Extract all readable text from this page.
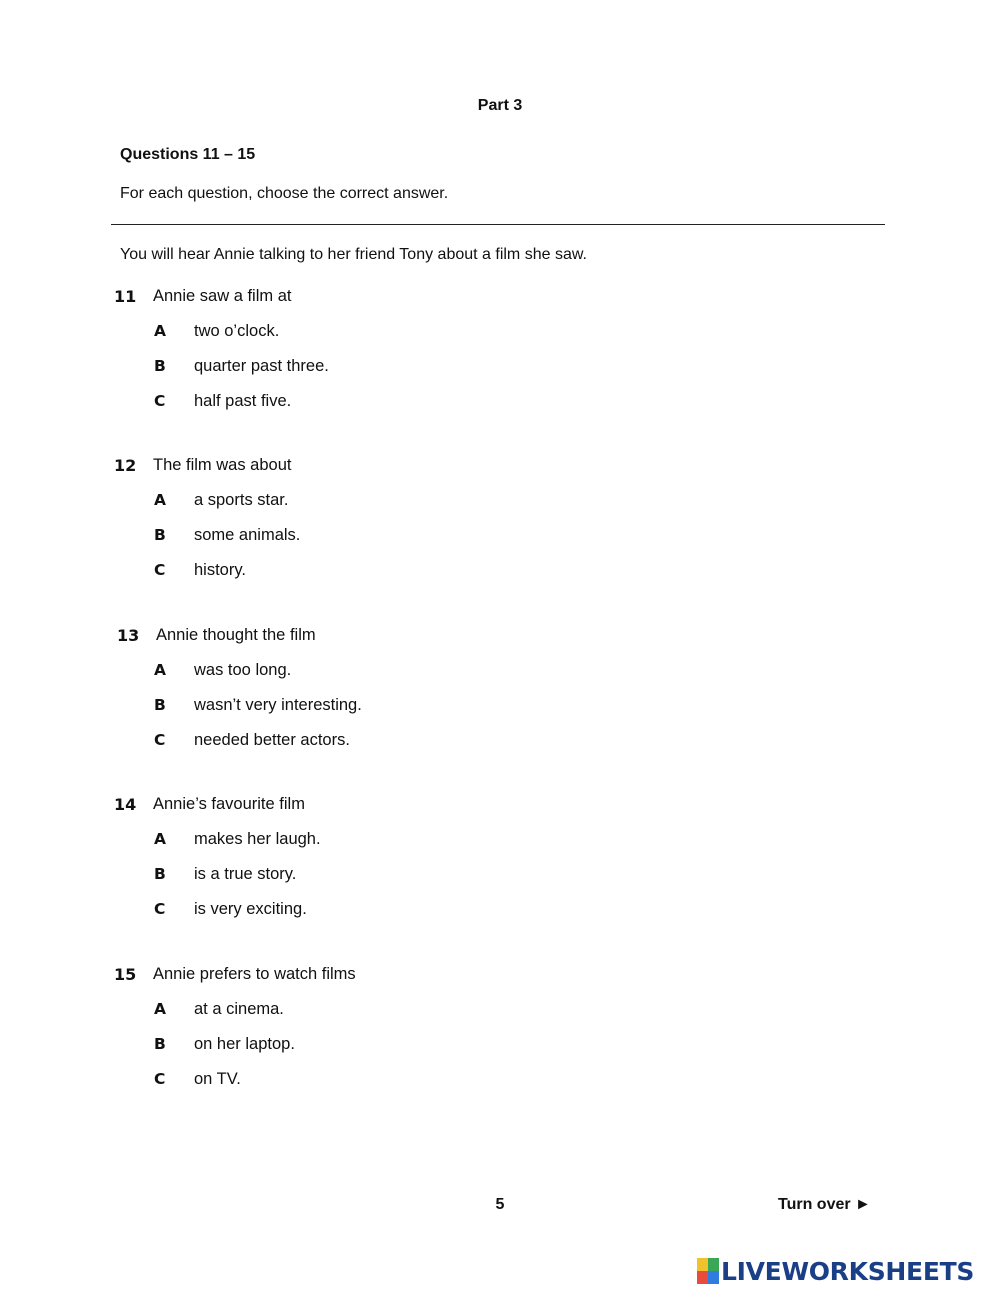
Part 3
Questions 11 – 15
For each question, choose the correct answer.
You will hear Annie talking to her friend Tony about a film she saw.
11 Annie saw a film at
A two o’clock.
B quarter past three.
C half past five.
12 The film was about
A a sports star.
B some animals.
C history.
13 Annie thought the film
A was too long.
B wasn’t very interesting.
C needed better actors.
14 Annie’s favourite film
A makes her laugh.
B is a true story.
C is very exciting.
15 Annie prefers to watch films
A at a cinema.
B on her laptop.
C on TV.
5	Turn over ►
LIVEWORKSHEETS
